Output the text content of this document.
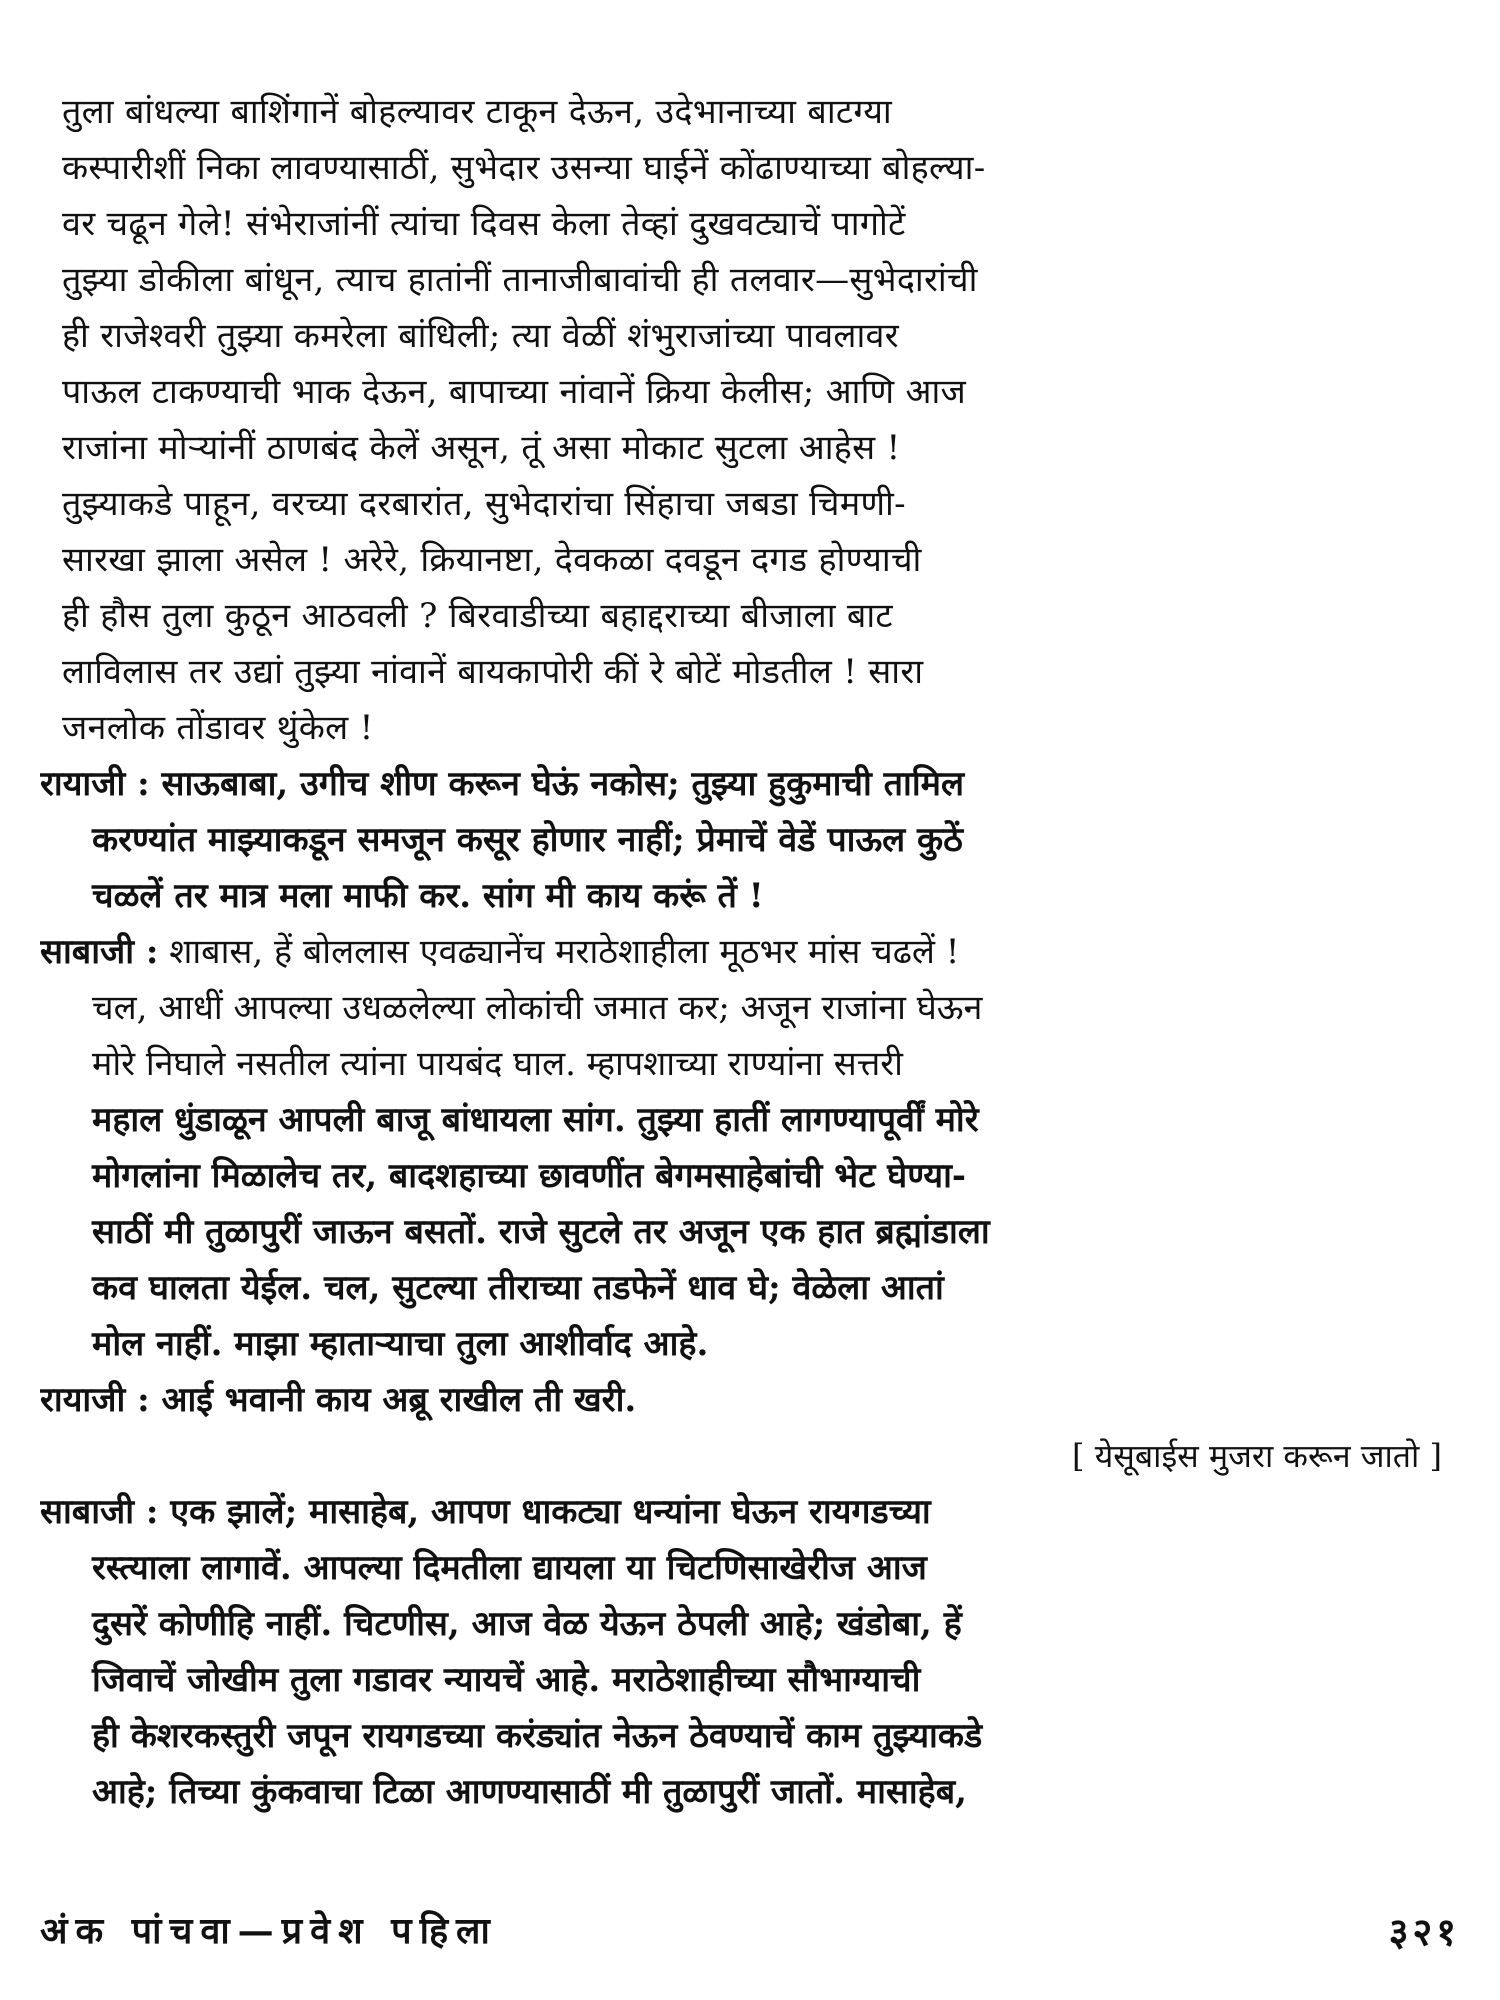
तुला बांधल्या बाशिंगानें बोहल्यावर टाकून देऊन, उदेभानाच्या बाटग्या
कस्पारीशीं निका लावण्यासाठीं, सुभेदार उसन्या घाईनें कोंढाण्याच्या बोहल्या-
वर चढून गेले! संभेराजांनीं त्यांचा दिवस केला तेव्हां दुखवट्याचें पागोटें
तुझ्या डोकीला बांधून, त्याच हातांनीं तानाजीबावांची ही तलवार—सुभेदारांची
ही राजेश्वरी तुझ्या कमरेला बांधिली; त्या वेळीं शंभुराजांच्या पावलावर
पाऊल टाकण्याची भाक देऊन, बापाच्या नांवानें क्रिया केलीस; आणि आज
राजांना मोऱ्यांनीं ठाणबंद केलें असून, तूं असा मोकाट सुटला आहेस !
तुझ्याकडे पाहून, वरच्या दरबारांत, सुभेदारांचा सिंहाचा जबडा चिमणी-
सारखा झाला असेल ! अरेरे, क्रियानष्टा, देवकळा दवडून दगड होण्याची
ही हौस तुला कुठून आठवली ? बिरवाडीच्या बहाद्दराच्या बीजाला बाट
लाविलास तर उद्यां तुझ्या नांवानें बायकापोरी कीं रे बोटें मोडतील ! सारा
जनलोक तोंडावर थुंकेल !
रायाजी : साऊबाबा, उगीच शीण करून घेऊं नकोस; तुझ्या हुकुमाची तामिल
करण्यांत माझ्याकडून समजून कसूर होणार नाहीं; प्रेमाचें वेडें पाऊल कुठें
चळलें तर मात्र मला माफी कर. सांग मी काय करूं तें !
साबाजी : शाबास, हें बोललास एवढ्यानेंच मराठेशाहीला मूठभर मांस चढलें !
चल, आधीं आपल्या उधळलेल्या लोकांची जमात कर; अजून राजांना घेऊन
मोरे निघाले नसतील त्यांना पायबंद घाल. म्हापशाच्या राण्यांना सत्तरी
महाल धुंडाळून आपली बाजू बांधायला सांग. तुझ्या हातीं लागण्यापूर्वीं मोरे
मोगलांना मिळालेच तर, बादशहाच्या छावणींत बेगमसाहेबांची भेट घेण्या-
साठीं मी तुळापुरीं जाऊन बसतों. राजे सुटले तर अजून एक हात ब्रह्मांडाला
कव घालता येईल. चल, सुटल्या तीराच्या तडफेनें धाव घे; वेळेला आतां
मोल नाहीं. माझा म्हाताऱ्याचा तुला आशीर्वाद आहे.
रायाजी : आई भवानी काय अब्रू राखील ती खरी.
[ येसूबाईस मुजरा करून जातो ]
साबाजी : एक झालें; मासाहेब, आपण धाकट्या धन्यांना घेऊन रायगडच्या
रस्त्याला लागावें. आपल्या दिमतीला द्यायला या चिटणिसाखेरीज आज
दुसरें कोणीहि नाहीं. चिटणीस, आज वेळ येऊन ठेपली आहे; खंडोबा, हें
जिवाचें जोखीम तुला गडावर न्यायचें आहे. मराठेशाहीच्या सौभाग्याची
ही केशरकस्तुरी जपून रायगडच्या करंड्यांत नेऊन ठेवण्याचें काम तुझ्याकडे
आहे; तिच्या कुंकवाचा टिळा आणण्यासाठीं मी तुळापुरीं जातों. मासाहेब,
अंक पांचवा—प्रवेश पहिला	३२१
